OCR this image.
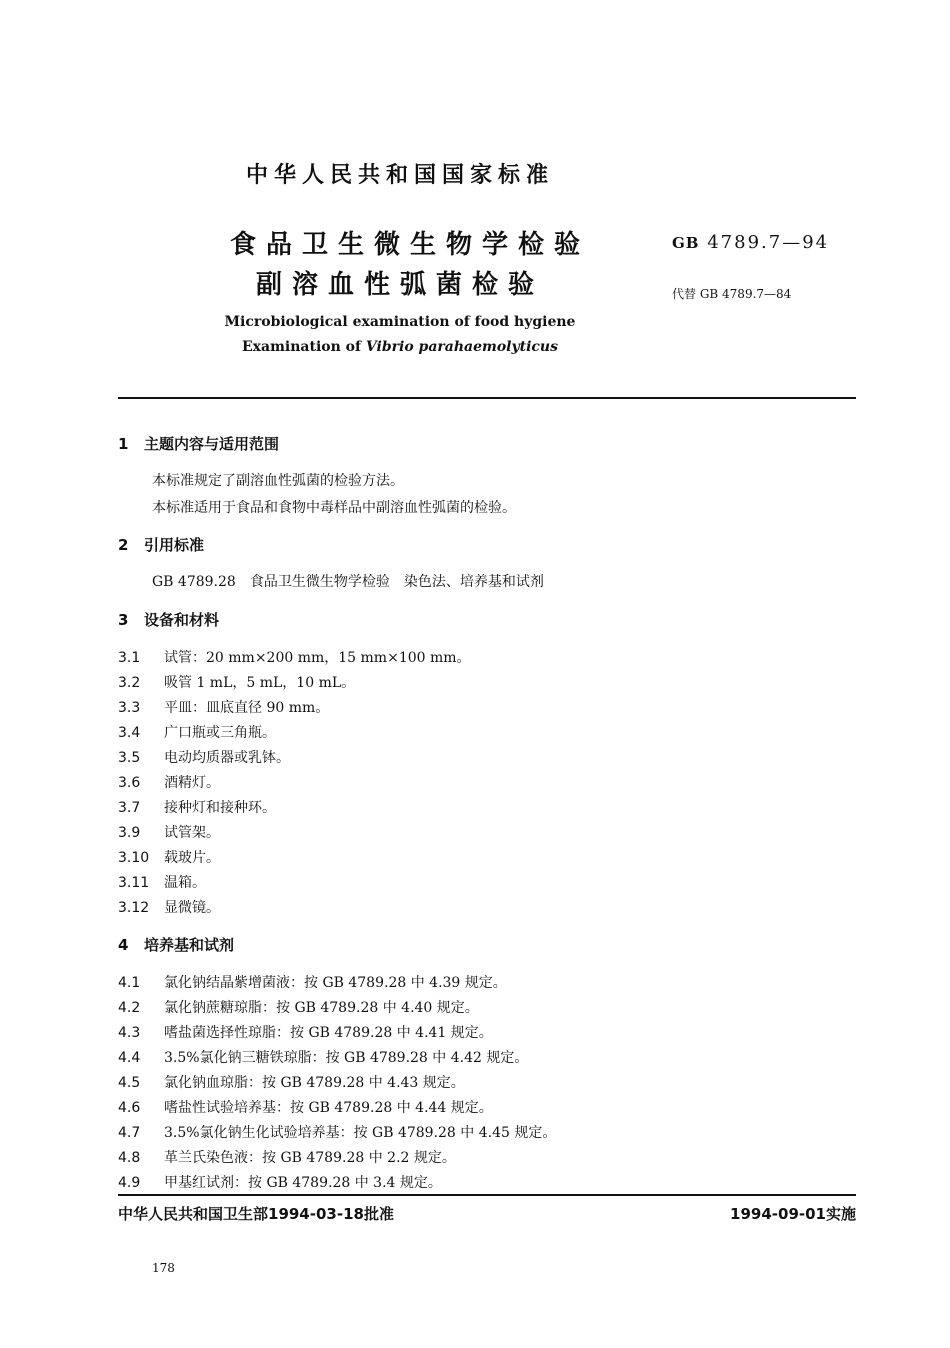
中华人民共和国国家标准
食品卫生微生物学检验
副溶血性弧菌检验
GB 4789.7—94
代替 GB 4789.7—84
Microbiological examination of food hygiene
Examination of Vibrio parahaemolyticus
1 主题内容与适用范围
本标准规定了副溶血性弧菌的检验方法。
本标准适用于食品和食物中毒样品中副溶血性弧菌的检验。
2 引用标准
GB 4789.28　食品卫生微生物学检验　染色法、培养基和试剂
3 设备和材料
3.1 试管：20 mm×200 mm，15 mm×100 mm。
3.2 吸管 1 mL，5 mL，10 mL。
3.3 平皿：皿底直径 90 mm。
3.4 广口瓶或三角瓶。
3.5 电动均质器或乳钵。
3.6 酒精灯。
3.7 接种灯和接种环。
3.9 试管架。
3.10 载玻片。
3.11 温箱。
3.12 显微镜。
4 培养基和试剂
4.1 氯化钠结晶紫增菌液：按 GB 4789.28 中 4.39 规定。
4.2 氯化钠蔗糖琼脂：按 GB 4789.28 中 4.40 规定。
4.3 嗜盐菌选择性琼脂：按 GB 4789.28 中 4.41 规定。
4.4 3.5%氯化钠三糖铁琼脂：按 GB 4789.28 中 4.42 规定。
4.5 氯化钠血琼脂：按 GB 4789.28 中 4.43 规定。
4.6 嗜盐性试验培养基：按 GB 4789.28 中 4.44 规定。
4.7 3.5%氯化钠生化试验培养基：按 GB 4789.28 中 4.45 规定。
4.8 革兰氏染色液：按 GB 4789.28 中 2.2 规定。
4.9 甲基红试剂：按 GB 4789.28 中 3.4 规定。
中华人民共和国卫生部1994-03-18批准	1994-09-01实施
178
